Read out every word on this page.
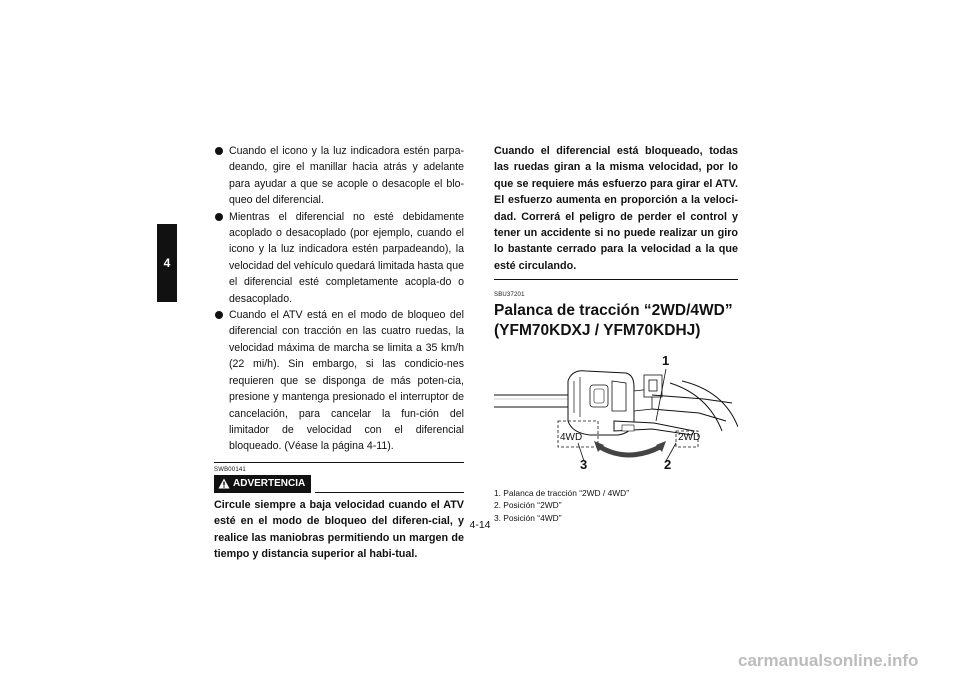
4
Cuando el icono y la luz indicadora estén parpa-deando, gire el manillar hacia atrás y adelante para ayudar a que se acople o desacople el blo-queo del diferencial.
Mientras el diferencial no esté debidamente acoplado o desacoplado (por ejemplo, cuando el icono y la luz indicadora estén parpadeando), la velocidad del vehículo quedará limitada hasta que el diferencial esté completamente acopla-do o desacoplado.
Cuando el ATV está en el modo de bloqueo del diferencial con tracción en las cuatro ruedas, la velocidad máxima de marcha se limita a 35 km/h (22 mi/h). Sin embargo, si las condicio-nes requieren que se disponga de más poten-cia, presione y mantenga presionado el interruptor de cancelación, para cancelar la fun-ción del limitador de velocidad con el diferencial bloqueado. (Véase la página 4-11).
SWB00141
ADVERTENCIA
Circule siempre a baja velocidad cuando el ATV esté en el modo de bloqueo del diferen-cial, y realice las maniobras permitiendo un margen de tiempo y distancia superior al habi-tual.

Cuando el diferencial está bloqueado, todas las ruedas giran a la misma velocidad, por lo que se requiere más esfuerzo para girar el ATV. El esfuerzo aumenta en proporción a la veloci-dad. Correrá el peligro de perder el control y tener un accidente si no puede realizar un giro lo bastante cerrado para la velocidad a la que esté circulando.

SBU37201
Palanca de tracción “2WD/4WD”
(YFM70KDXJ / YFM70KDHJ)
1
4WD	2WD
3	2
1. Palanca de tracción “2WD / 4WD”
2. Posición “2WD”
3. Posición “4WD”
4-14
carmanualsonline.info
